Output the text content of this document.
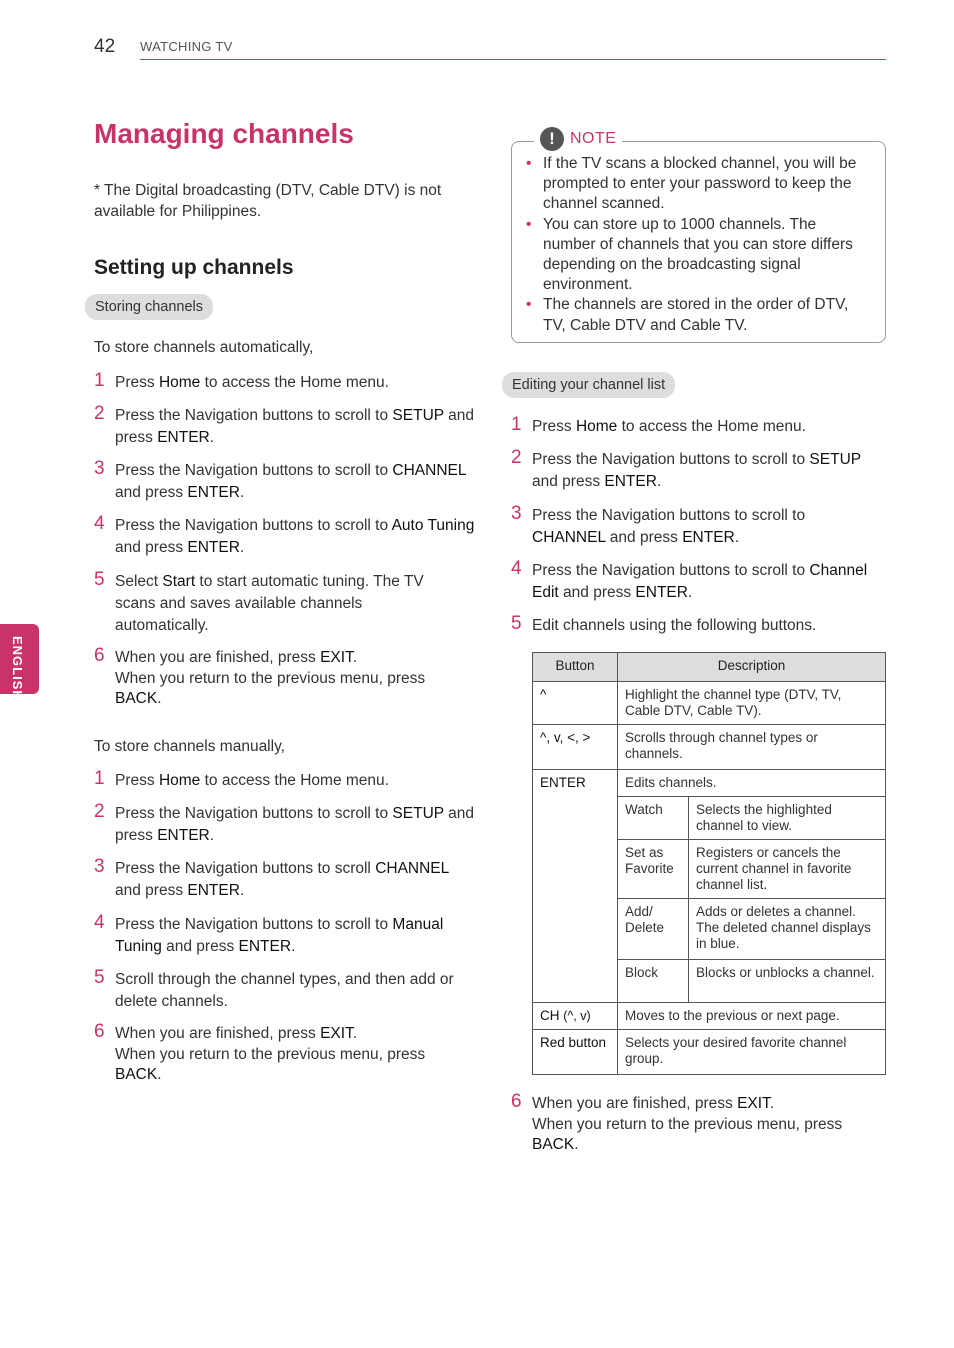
42 WATCHING TV
ENGLISH
Managing channels
* The Digital broadcasting (DTV, Cable DTV) is not available for Philippines.
Setting up channels
Storing channels
To store channels automatically,
1 Press Home to access the Home menu.
2 Press the Navigation buttons to scroll to SETUP and press ENTER.
3 Press the Navigation buttons to scroll to CHANNEL and press ENTER.
4 Press the Navigation buttons to scroll to Auto Tuning and press ENTER.
5 Select Start to start automatic tuning. The TV scans and saves available channels automatically.
6 When you are finished, press EXIT.
When you return to the previous menu, press BACK.
To store channels manually,
1 Press Home to access the Home menu.
2 Press the Navigation buttons to scroll to SETUP and press ENTER.
3 Press the Navigation buttons to scroll CHANNEL and press ENTER.
4 Press the Navigation buttons to scroll to Manual Tuning and press ENTER.
5 Scroll through the channel types, and then add or delete channels.
6 When you are finished, press EXIT.
When you return to the previous menu, press BACK.
! NOTE
• If the TV scans a blocked channel, you will be prompted to enter your password to keep the channel scanned.
• You can store up to 1000 channels. The number of channels that you can store differs depending on the broadcasting signal environment.
• The channels are stored in the order of DTV, TV, Cable DTV and Cable TV.
Editing your channel list
1 Press Home to access the Home menu.
2 Press the Navigation buttons to scroll to SETUP and press ENTER.
3 Press the Navigation buttons to scroll to CHANNEL and press ENTER.
4 Press the Navigation buttons to scroll to Channel Edit and press ENTER.
5 Edit channels using the following buttons.
Button	Description	
^	Highlight the channel type (DTV, TV, Cable DTV, Cable TV).	
^, v, <, >	Scrolls through channel types or channels.	
ENTER	Edits channels.	
	Watch	Selects the highlighted channel to view.
	Set as Favorite	Registers or cancels the current channel in favorite channel list.
	Add/ Delete	Adds or deletes a channel. The deleted channel displays in blue.
	Block	Blocks or unblocks a channel.
CH (^, v)	Moves to the previous or next page.	
Red button	Selects your desired favorite channel group.	
6 When you are finished, press EXIT.
When you return to the previous menu, press BACK.
